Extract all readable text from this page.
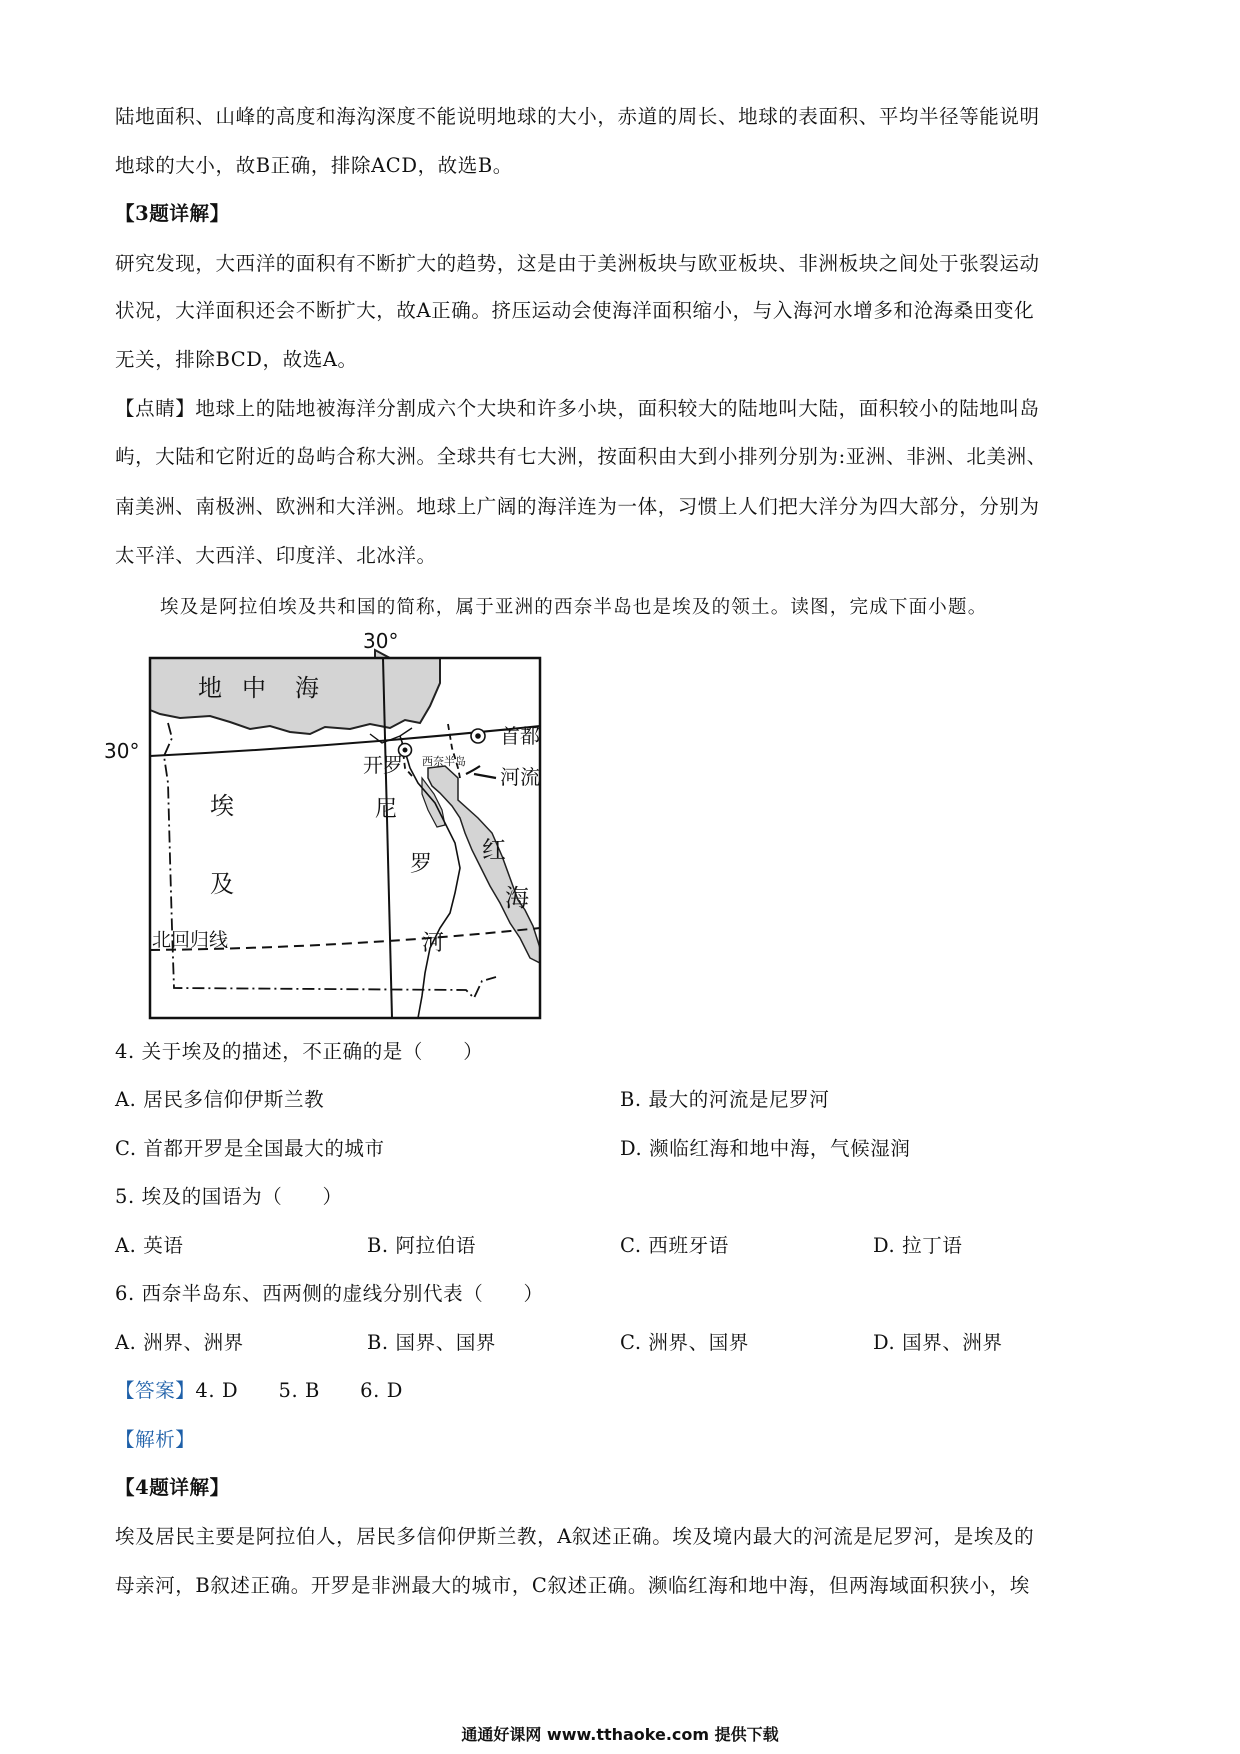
陆地面积、山峰的高度和海沟深度不能说明地球的大小，赤道的周长、地球的表面积、平均半径等能说明
地球的大小，故B正确，排除ACD，故选B。
【3题详解】
研究发现，大西洋的面积有不断扩大的趋势，这是由于美洲板块与欧亚板块、非洲板块之间处于张裂运动
状况，大洋面积还会不断扩大，故A正确。挤压运动会使海洋面积缩小，与入海河水增多和沧海桑田变化
无关，排除BCD，故选A。
【点睛】地球上的陆地被海洋分割成六个大块和许多小块，面积较大的陆地叫大陆，面积较小的陆地叫岛
屿，大陆和它附近的岛屿合称大洲。全球共有七大洲，按面积由大到小排列分别为:亚洲、非洲、北美洲、
南美洲、南极洲、欧洲和大洋洲。地球上广阔的海洋连为一体，习惯上人们把大洋分为四大部分，分别为
太平洋、大西洋、印度洋、北冰洋。
埃及是阿拉伯埃及共和国的简称，属于亚洲的西奈半岛也是埃及的领土。读图，完成下面小题。
30°
30°
地 中 海
开罗 西奈半岛
埃
及
尼
罗
河
红
海
北回归线
首都
河流
4. 关于埃及的描述，不正确的是（　　）
A. 居民多信仰伊斯兰教	B. 最大的河流是尼罗河
C. 首都开罗是全国最大的城市	D. 濒临红海和地中海，气候湿润
5. 埃及的国语为（　　）
A. 英语	B. 阿拉伯语	C. 西班牙语	D. 拉丁语
6. 西奈半岛东、西两侧的虚线分别代表（　　）
A. 洲界、洲界	B. 国界、国界	C. 洲界、国界	D. 国界、洲界
【答案】4. D　　5. B　　6. D
【解析】
【4题详解】
埃及居民主要是阿拉伯人，居民多信仰伊斯兰教，A叙述正确。埃及境内最大的河流是尼罗河，是埃及的
母亲河，B叙述正确。开罗是非洲最大的城市，C叙述正确。濒临红海和地中海，但两海域面积狭小，埃
通通好课网 www.tthaoke.com 提供下载
